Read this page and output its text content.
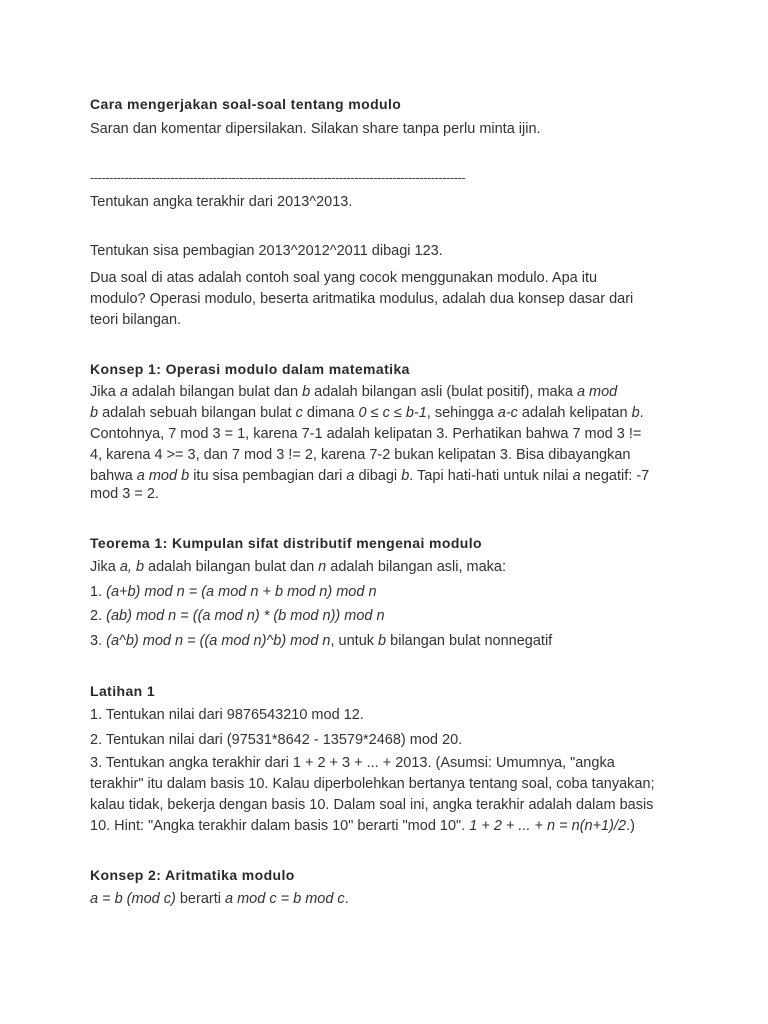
Cara mengerjakan soal-soal tentang modulo
Saran dan komentar dipersilakan. Silakan share tanpa perlu minta ijin.
--------------------------------------------------------------------------------------------------
Tentukan angka terakhir dari 2013^2013.
Tentukan sisa pembagian 2013^2012^2011 dibagi 123.
Dua soal di atas adalah contoh soal yang cocok menggunakan modulo. Apa itu
modulo? Operasi modulo, beserta aritmatika modulus, adalah dua konsep dasar dari
teori bilangan.
Konsep 1: Operasi modulo dalam matematika
Jika a adalah bilangan bulat dan b adalah bilangan asli (bulat positif), maka a mod
b adalah sebuah bilangan bulat c dimana 0 ≤ c ≤ b-1, sehingga a-c adalah kelipatan b.
Contohnya, 7 mod 3 = 1, karena 7-1 adalah kelipatan 3. Perhatikan bahwa 7 mod 3 !=
4, karena 4 >= 3, dan 7 mod 3 != 2, karena 7-2 bukan kelipatan 3. Bisa dibayangkan
bahwa a mod b itu sisa pembagian dari a dibagi b. Tapi hati-hati untuk nilai a negatif: -7
mod 3 = 2.
Teorema 1: Kumpulan sifat distributif mengenai modulo
Jika a, b adalah bilangan bulat dan n adalah bilangan asli, maka:
1. (a+b) mod n = (a mod n + b mod n) mod n
2. (ab) mod n = ((a mod n) * (b mod n)) mod n
3. (a^b) mod n = ((a mod n)^b) mod n, untuk b bilangan bulat nonnegatif
Latihan 1
1. Tentukan nilai dari 9876543210 mod 12.
2. Tentukan nilai dari (97531*8642 - 13579*2468) mod 20.
3. Tentukan angka terakhir dari 1 + 2 + 3 + ... + 2013. (Asumsi: Umumnya, "angka
terakhir" itu dalam basis 10. Kalau diperbolehkan bertanya tentang soal, coba tanyakan;
kalau tidak, bekerja dengan basis 10. Dalam soal ini, angka terakhir adalah dalam basis
10. Hint: "Angka terakhir dalam basis 10" berarti "mod 10". 1 + 2 + ... + n = n(n+1)/2.)
Konsep 2: Aritmatika modulo
a = b (mod c) berarti a mod c = b mod c.
